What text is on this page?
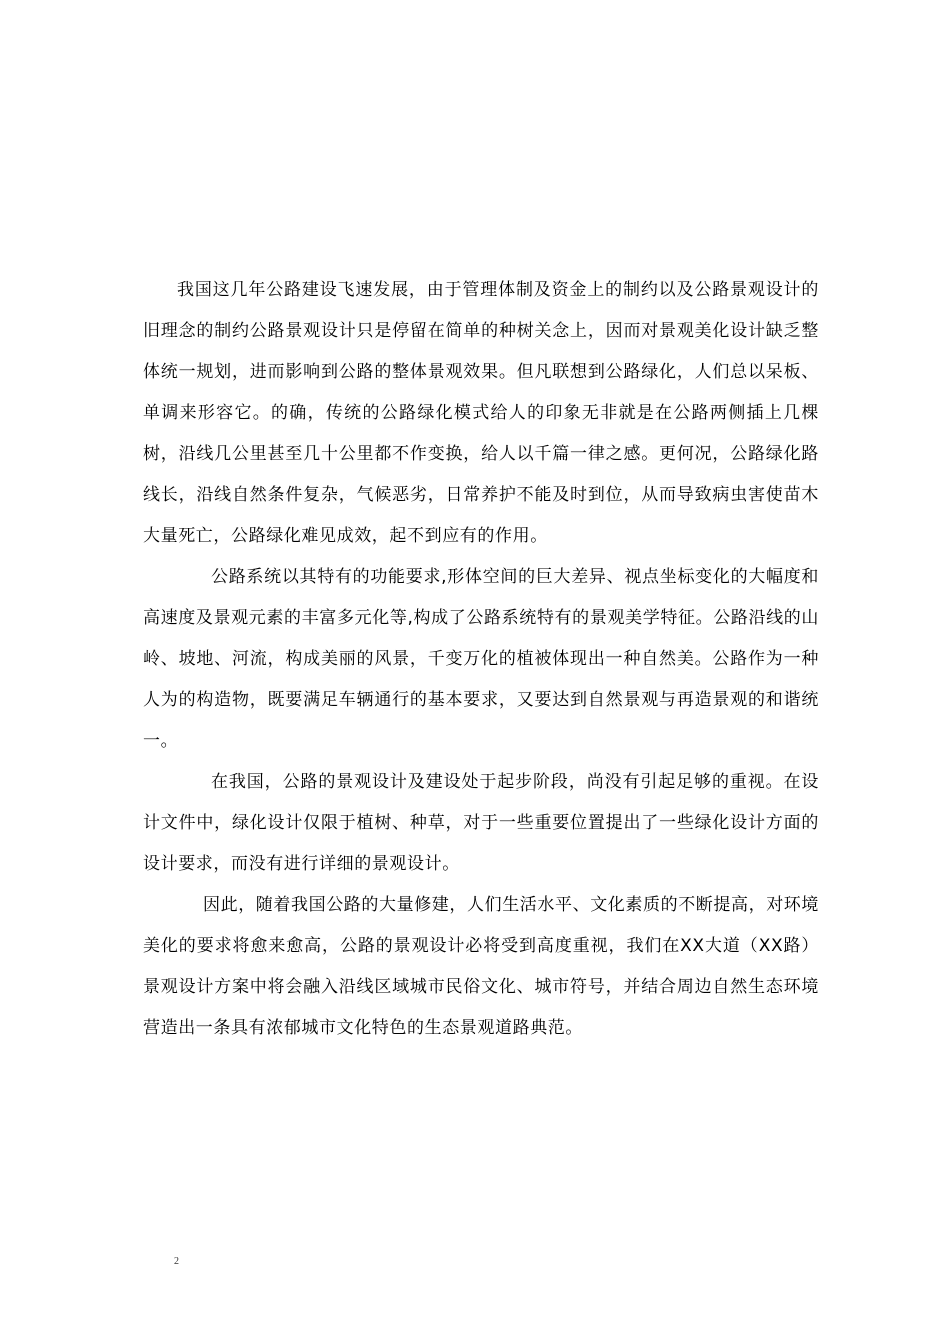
我国这几年公路建设飞速发展，由于管理体制及资金上的制约以及公路景观设计的旧理念的制约公路景观设计只是停留在简单的种树关念上，因而对景观美化设计缺乏整体统一规划，进而影响到公路的整体景观效果。但凡联想到公路绿化，人们总以呆板、单调来形容它。的确，传统的公路绿化模式给人的印象无非就是在公路两侧插上几棵树，沿线几公里甚至几十公里都不作变换，给人以千篇一律之感。更何况，公路绿化路线长，沿线自然条件复杂，气候恶劣，日常养护不能及时到位，从而导致病虫害使苗木大量死亡，公路绿化难见成效，起不到应有的作用。

公路系统以其特有的功能要求,形体空间的巨大差异、视点坐标变化的大幅度和高速度及景观元素的丰富多元化等,构成了公路系统特有的景观美学特征。公路沿线的山岭、坡地、河流，构成美丽的风景，千变万化的植被体现出一种自然美。公路作为一种人为的构造物，既要满足车辆通行的基本要求，又要达到自然景观与再造景观的和谐统一。

在我国，公路的景观设计及建设处于起步阶段，尚没有引起足够的重视。在设计文件中，绿化设计仅限于植树、种草，对于一些重要位置提出了一些绿化设计方面的设计要求，而没有进行详细的景观设计。

因此，随着我国公路的大量修建，人们生活水平、文化素质的不断提高，对环境美化的要求将愈来愈高，公路的景观设计必将受到高度重视，我们在XX大道（XX路）景观设计方案中将会融入沿线区域城市民俗文化、城市符号，并结合周边自然生态环境营造出一条具有浓郁城市文化特色的生态景观道路典范。

2
